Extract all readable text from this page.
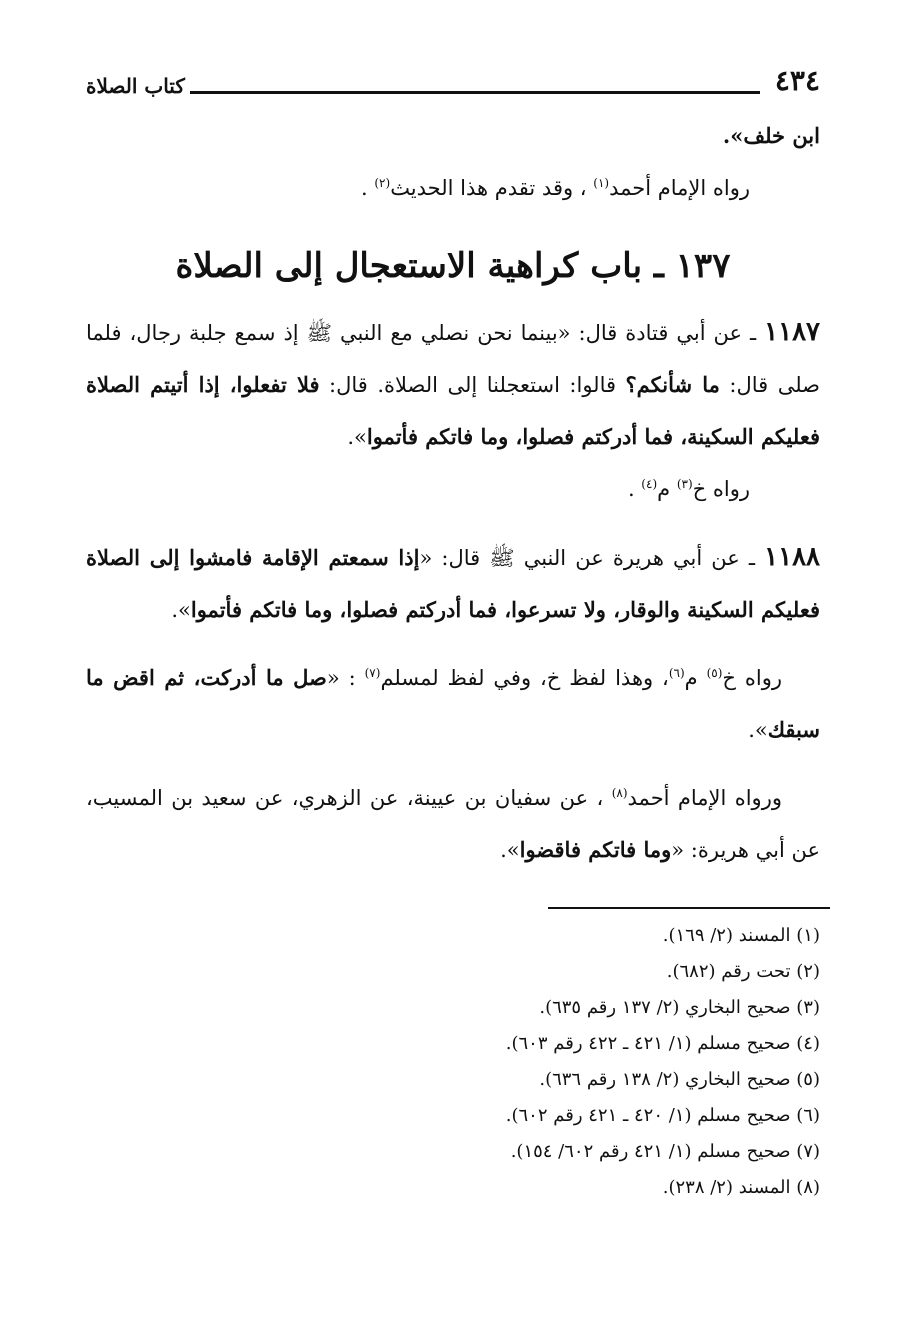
٤٣٤
كتاب الصلاة

ابن خلف».

رواه الإمام أحمد$^{(١)}$ ، وقد تقدم هذا الحديث$^{(٢)}$ .

١٣٧ ـ باب كراهية الاستعجال إلى الصلاة

١١٨٧ ـ عن أبي قتادة قال: «بينما نحن نصلي مع النبي ﷺ إذ سمع جلبة رجال، فلما صلى قال: ما شأنكم؟ قالوا: استعجلنا إلى الصلاة. قال: فلا تفعلوا، إذا أتيتم الصلاة فعليكم السكينة، فما أدركتم فصلوا، وما فاتكم فأتموا».

رواه خ$^{(٣)}$ م$^{(٤)}$ .

١١٨٨ ـ عن أبي هريرة عن النبي ﷺ قال: «إذا سمعتم الإقامة فامشوا إلى الصلاة فعليكم السكينة والوقار، ولا تسرعوا، فما أدركتم فصلوا، وما فاتكم فأتموا».

رواه خ$^{(٥)}$ م$^{(٦)}$، وهذا لفظ خ، وفي لفظ لمسلم$^{(٧)}$ : «صل ما أدركت، ثم اقض ما سبقك».

ورواه الإمام أحمد$^{(٨)}$ ، عن سفيان بن عيينة، عن الزهري، عن سعيد بن المسيب، عن أبي هريرة: «وما فاتكم فاقضوا».

(١) المسند (٢/ ١٦٩).
(٢) تحت رقم (٦٨٢).
(٣) صحيح البخاري (٢/ ١٣٧ رقم ٦٣٥).
(٤) صحيح مسلم (١/ ٤٢١ ـ ٤٢٢ رقم ٦٠٣).
(٥) صحيح البخاري (٢/ ١٣٨ رقم ٦٣٦).
(٦) صحيح مسلم (١/ ٤٢٠ ـ ٤٢١ رقم ٦٠٢).
(٧) صحيح مسلم (١/ ٤٢١ رقم ٦٠٢/ ١٥٤).
(٨) المسند (٢/ ٢٣٨).
